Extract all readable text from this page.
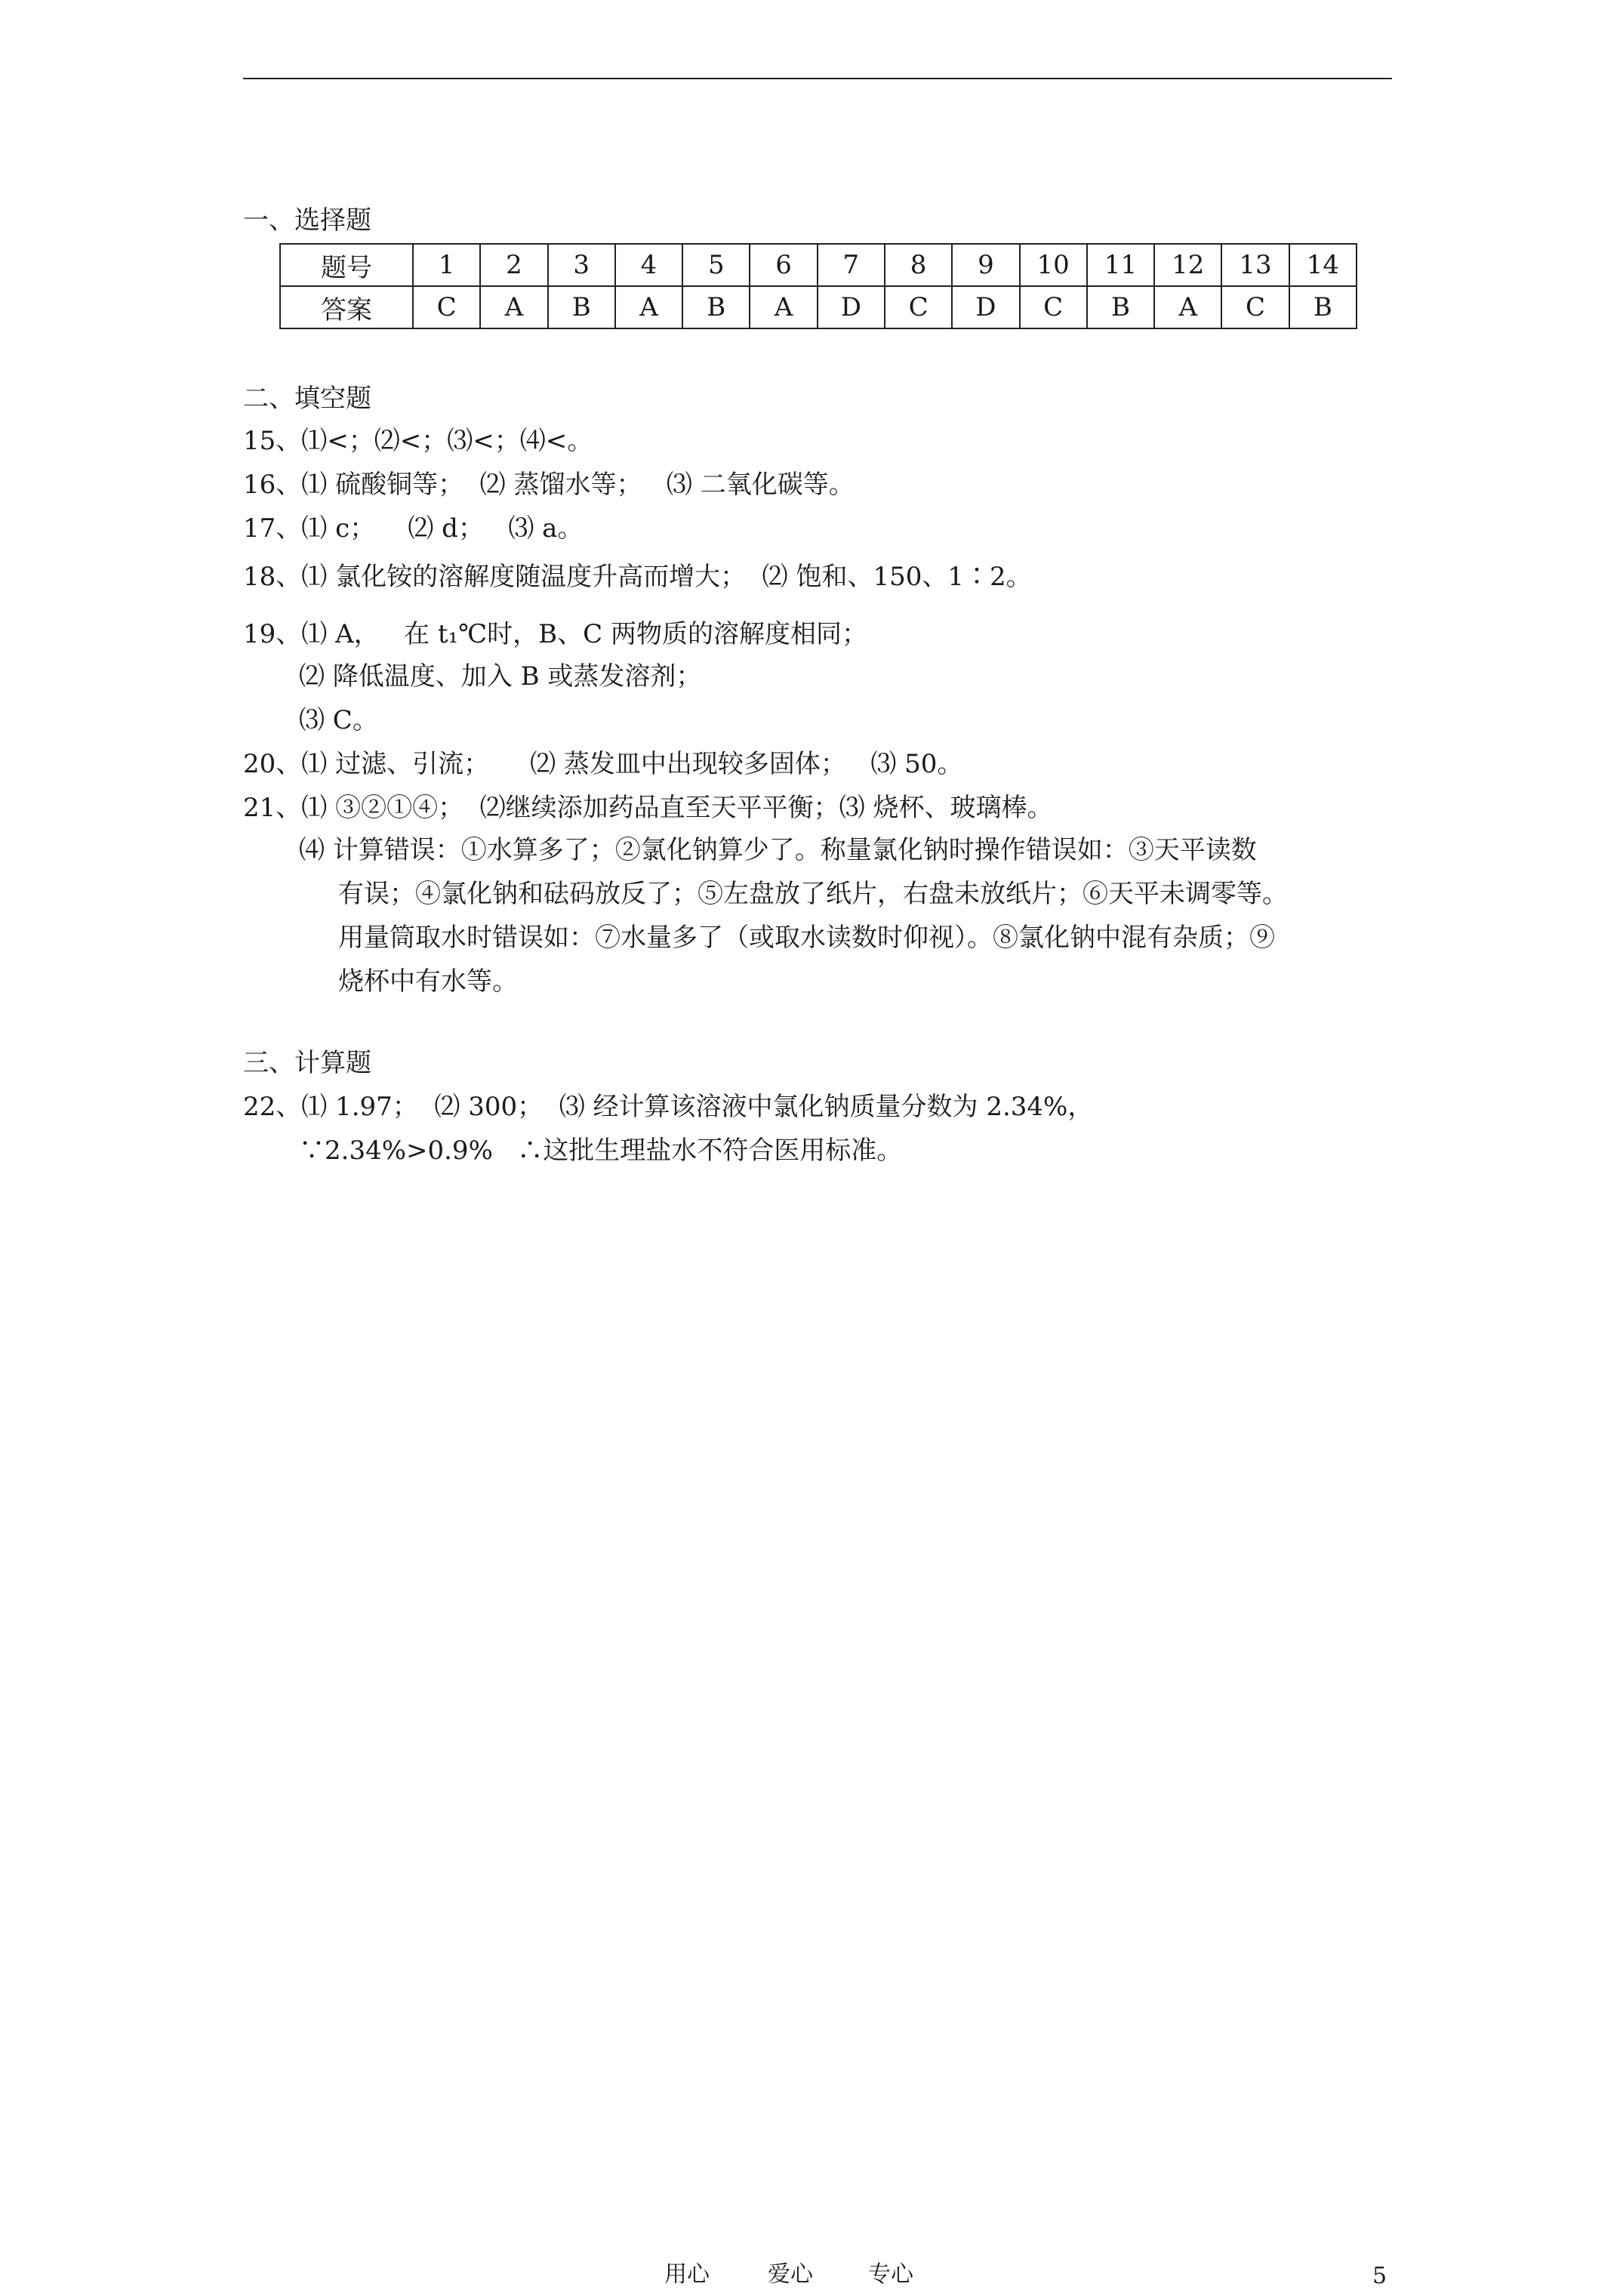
一、选择题
题号	1	2	3	4	5	6	7	8	9	10	11	12	13	14
答案	C	A	B	A	B	A	D	C	D	C	B	A	C	B
二、填空题
15、⑴<；⑵<；⑶<；⑷<。
16、⑴ 硫酸铜等；  ⑵ 蒸馏水等；   ⑶ 二氧化碳等。
17、⑴ c；    ⑵ d；   ⑶ a。
18、⑴ 氯化铵的溶解度随温度升高而增大；  ⑵ 饱和、150、1∶2。
19、⑴ A，   在 t₁℃时，B、C 两物质的溶解度相同；
⑵ 降低温度、加入 B 或蒸发溶剂；
⑶ C。
20、⑴ 过滤、引流；     ⑵ 蒸发皿中出现较多固体；   ⑶ 50。
21、⑴ ③②①④；  ⑵继续添加药品直至天平平衡；⑶ 烧杯、玻璃棒。
⑷ 计算错误：①水算多了；②氯化钠算少了。称量氯化钠时操作错误如：③天平读数
有误；④氯化钠和砝码放反了；⑤左盘放了纸片，右盘未放纸片；⑥天平未调零等。
用量筒取水时错误如：⑦水量多了（或取水读数时仰视）。⑧氯化钠中混有杂质；⑨
烧杯中有水等。
三、计算题
22、⑴ 1.97；  ⑵ 300；  ⑶ 经计算该溶液中氯化钠质量分数为 2.34%，
∵2.34%>0.9%   ∴这批生理盐水不符合医用标准。
用心	爱心 专心	5
